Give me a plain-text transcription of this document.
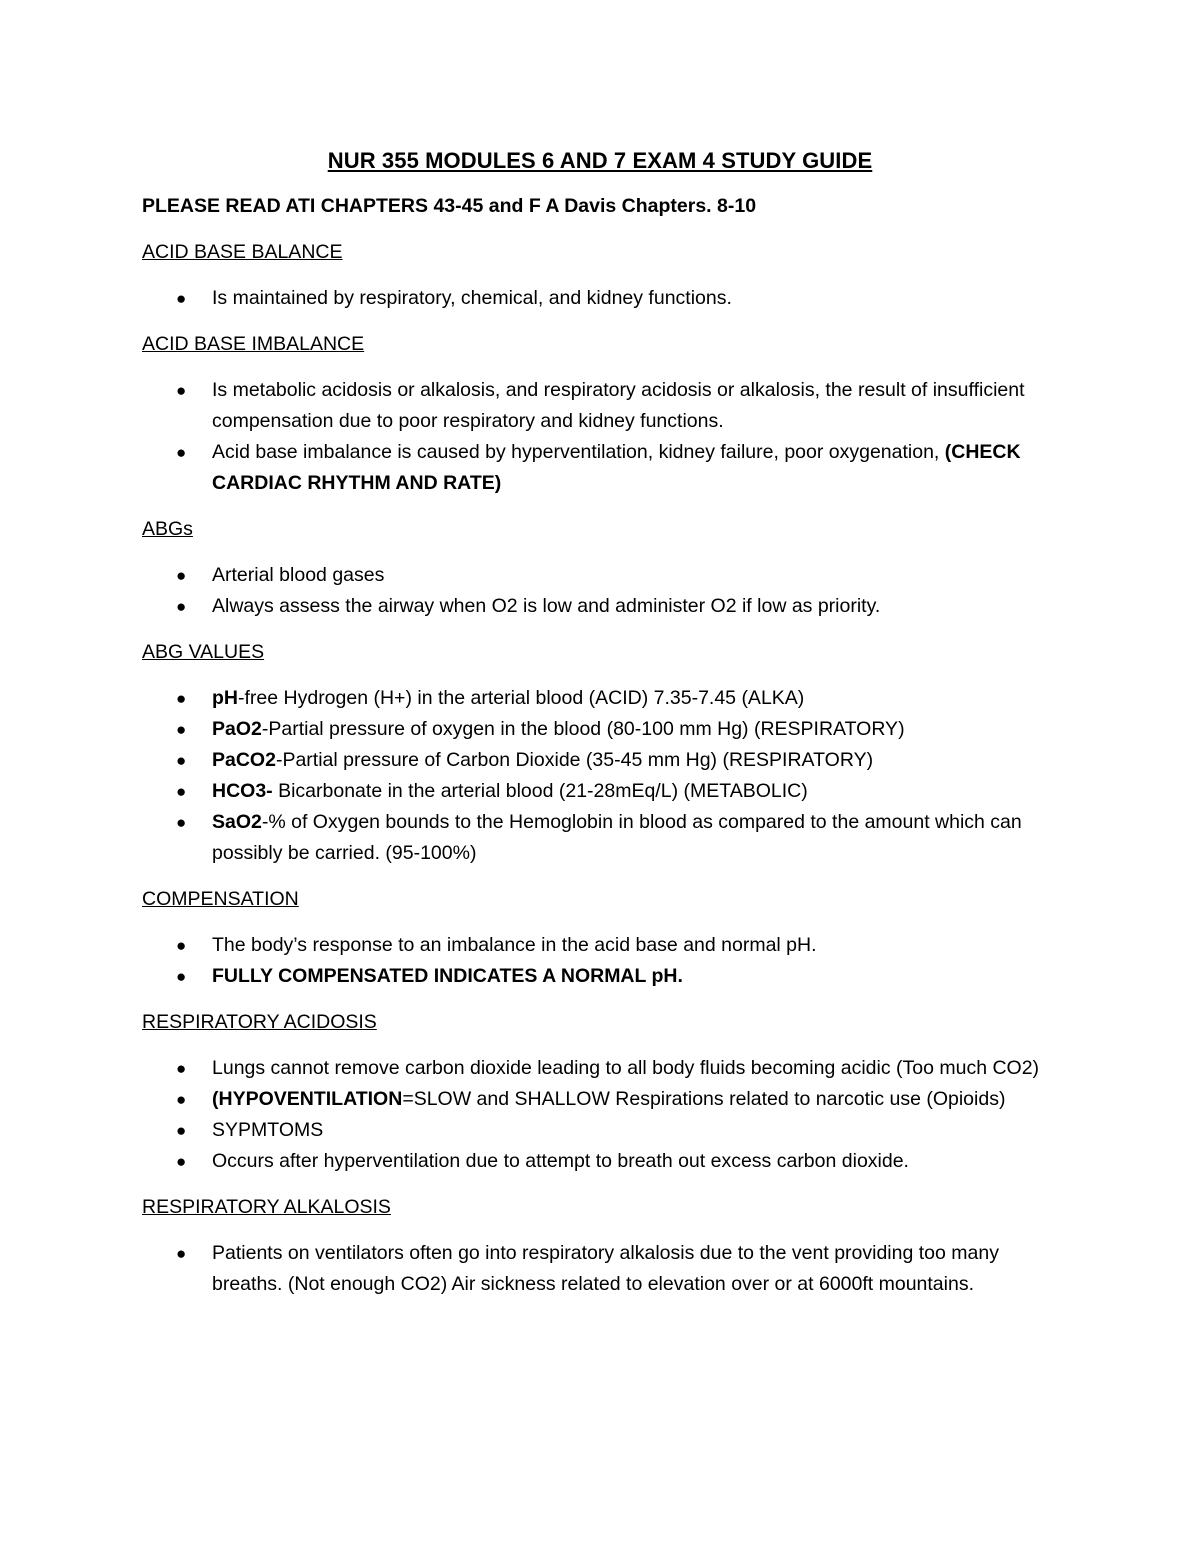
NUR 355 MODULES 6 AND 7 EXAM 4 STUDY GUIDE
PLEASE READ ATI CHAPTERS 43-45 and F A Davis Chapters. 8-10
ACID BASE BALANCE
● Is maintained by respiratory, chemical, and kidney functions.
ACID BASE IMBALANCE
● Is metabolic acidosis or alkalosis, and respiratory acidosis or alkalosis, the result of insufficient compensation due to poor respiratory and kidney functions.
● Acid base imbalance is caused by hyperventilation, kidney failure, poor oxygenation, (CHECK CARDIAC RHYTHM AND RATE)
ABGs
● Arterial blood gases
● Always assess the airway when O2 is low and administer O2 if low as priority.
ABG VALUES
● pH-free Hydrogen (H+) in the arterial blood (ACID) 7.35-7.45 (ALKA)
● PaO2-Partial pressure of oxygen in the blood (80-100 mm Hg) (RESPIRATORY)
● PaCO2-Partial pressure of Carbon Dioxide (35-45 mm Hg) (RESPIRATORY)
● HCO3- Bicarbonate in the arterial blood (21-28mEq/L) (METABOLIC)
● SaO2-% of Oxygen bounds to the Hemoglobin in blood as compared to the amount which can possibly be carried. (95-100%)
COMPENSATION
● The body’s response to an imbalance in the acid base and normal pH.
● FULLY COMPENSATED INDICATES A NORMAL pH.
RESPIRATORY ACIDOSIS
● Lungs cannot remove carbon dioxide leading to all body fluids becoming acidic (Too much CO2)
● (HYPOVENTILATION=SLOW and SHALLOW Respirations related to narcotic use (Opioids)
● SYPMTOMS
● Occurs after hyperventilation due to attempt to breath out excess carbon dioxide.
RESPIRATORY ALKALOSIS
● Patients on ventilators often go into respiratory alkalosis due to the vent providing too many breaths. (Not enough CO2) Air sickness related to elevation over or at 6000ft mountains.
